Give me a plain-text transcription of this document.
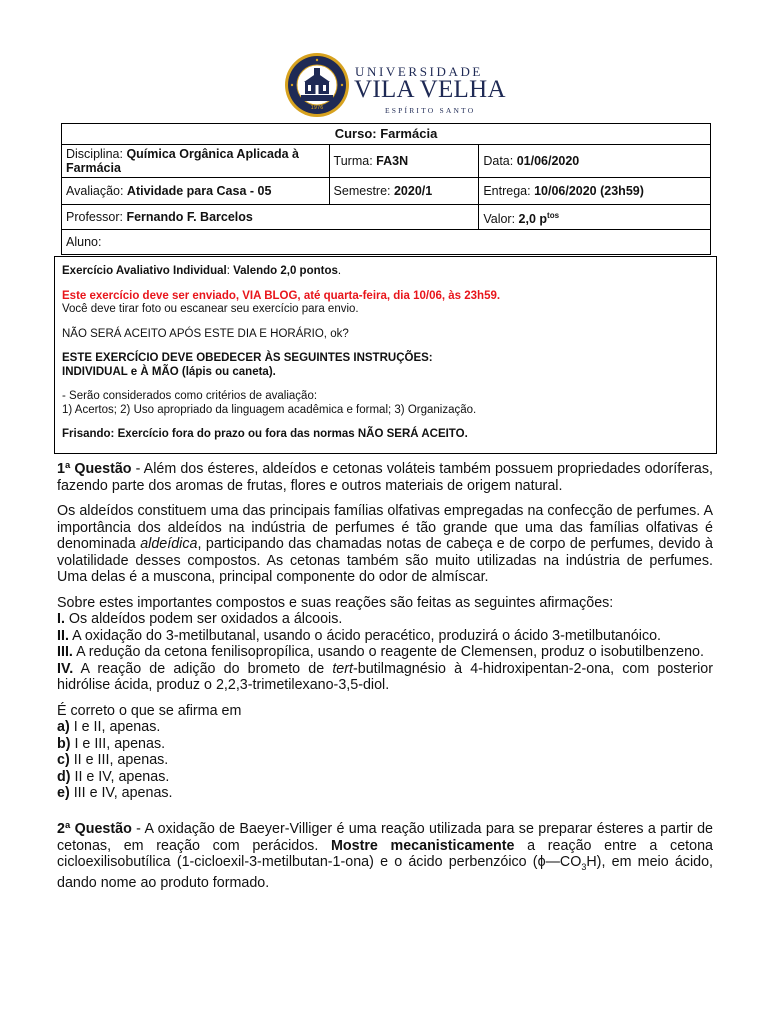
1976
UNIVERSIDADE
VILA VELHA
ESPÍRITO SANTO
Curso: Farmácia		
Disciplina: Química Orgânica Aplicada à Farmácia	Turma: FA3N	Data: 01/06/2020
Avaliação: Atividade para Casa - 05	Semestre: 2020/1	Entrega: 10/06/2020 (23h59)
Professor: Fernando F. Barcelos		Valor: 2,0 $p^{tos}$
Aluno:		

Exercício Avaliativo Individual: Valendo 2,0 pontos.

Este exercício deve ser enviado, VIA BLOG, até quarta-feira, dia 10/06, às 23h59.

Você deve tirar foto ou escanear seu exercício para envio.

NÃO SERÁ ACEITO APÓS ESTE DIA E HORÁRIO, ok?

ESTE EXERCÍCIO DEVE OBEDECER ÀS SEGUINTES INSTRUÇÕES:

INDIVIDUAL e À MÃO (lápis ou caneta).

- Serão considerados como critérios de avaliação:

1) Acertos; 2) Uso apropriado da linguagem acadêmica e formal; 3) Organização.

Frisando: Exercício fora do prazo ou fora das normas NÃO SERÁ ACEITO.

1ª Questão - Além dos ésteres, aldeídos e cetonas voláteis também possuem propriedades odoríferas, fazendo parte dos aromas de frutas, flores e outros materiais de origem natural.

Os aldeídos constituem uma das principais famílias olfativas empregadas na confecção de perfumes. A importância dos aldeídos na indústria de perfumes é tão grande que uma das famílias olfativas é denominada aldeídica, participando das chamadas notas de cabeça e de corpo de perfumes, devido à volatilidade desses compostos. As cetonas também são muito utilizadas na indústria de perfumes. Uma delas é a muscona, principal componente do odor de almíscar.

Sobre estes importantes compostos e suas reações são feitas as seguintes afirmações:

I. Os aldeídos podem ser oxidados a álcoois.

II. A oxidação do 3-metilbutanal, usando o ácido peracético, produzirá o ácido 3-metilbutanóico.

III. A redução da cetona fenilisopropílica, usando o reagente de Clemensen, produz o isobutilbenzeno.

IV. A reação de adição do brometo de tert-butilmagnésio à 4-hidroxipentan-2-ona, com posterior hidrólise ácida, produz o 2,2,3-trimetilexano-3,5-diol.

É correto o que se afirma em

a) I e II, apenas.

b) I e III, apenas.

c) II e III, apenas.

d) II e IV, apenas.

e) III e IV, apenas.

2ª Questão - A oxidação de Baeyer-Villiger é uma reação utilizada para se preparar ésteres a partir de cetonas, em reação com perácidos. Mostre mecanisticamente a reação entre a cetona cicloexilisobutílica (1-cicloexil-3-metilbutan-1-ona) e o ácido perbenzóico $(\phi—CO_3H)$, em meio ácido, dando nome ao produto formado.
